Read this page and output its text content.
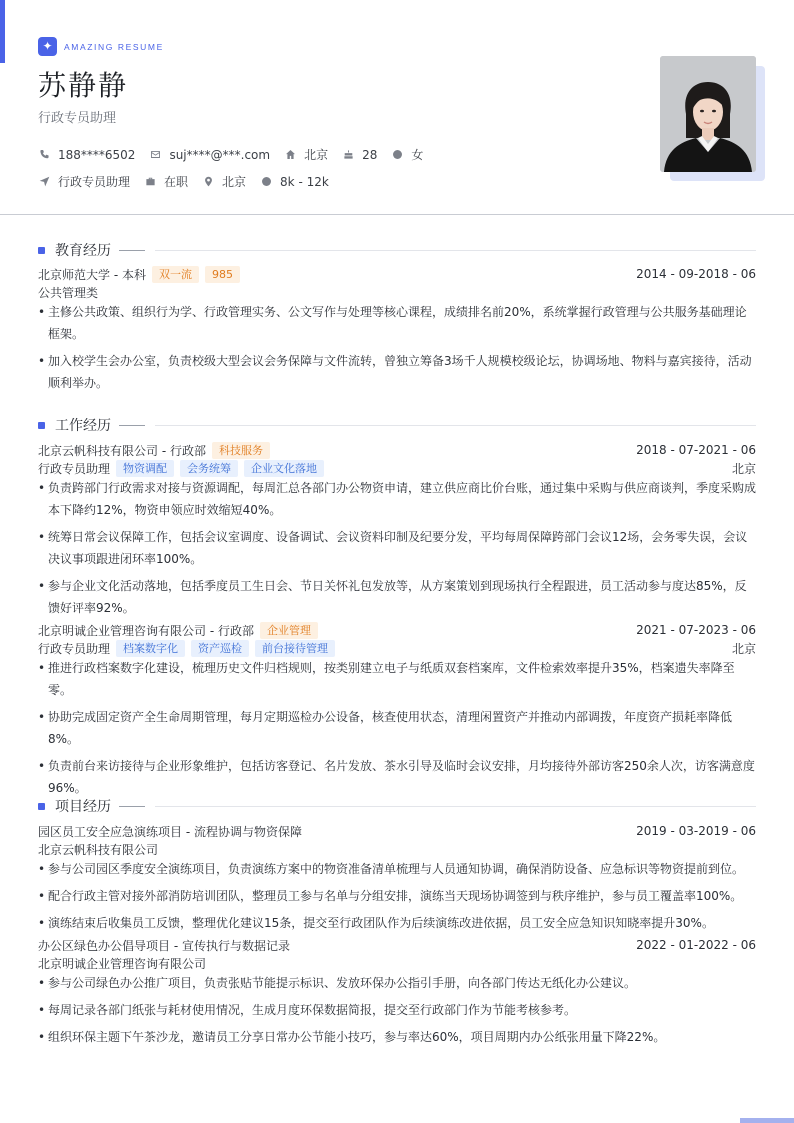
✦	AMAZING RESUME
苏静静
行政专员助理
188****6502	suj****@***.com	北京	28	女
行政专员助理	在职	北京	8k - 12k
教育经历
北京师范大学 - 本科	双一流	985	2014 - 09-2018 - 06
公共管理类
• 主修公共政策、组织行为学、行政管理实务、公文写作与处理等核心课程，成绩排名前20%，系统掌握行政管理与公共服务基础理论框架。
• 加入校学生会办公室，负责校级大型会议会务保障与文件流转，曾独立筹备3场千人规模校级论坛，协调场地、物料与嘉宾接待，活动顺利举办。
工作经历
北京云帆科技有限公司 - 行政部	科技服务	2018 - 07-2021 - 06
行政专员助理	物资调配	会务统筹	企业文化落地	北京
• 负责跨部门行政需求对接与资源调配，每周汇总各部门办公物资申请，建立供应商比价台账，通过集中采购与供应商谈判，季度采购成本下降约12%，物资申领应时效缩短40%。
• 统筹日常会议保障工作，包括会议室调度、设备调试、会议资料印制及纪要分发，平均每周保障跨部门会议12场，会务零失误，会议决议事项跟进闭环率100%。
• 参与企业文化活动落地，包括季度员工生日会、节日关怀礼包发放等，从方案策划到现场执行全程跟进，员工活动参与度达85%，反馈好评率92%。
北京明诚企业管理咨询有限公司 - 行政部	企业管理	2021 - 07-2023 - 06
行政专员助理	档案数字化	资产巡检	前台接待管理	北京
• 推进行政档案数字化建设，梳理历史文件归档规则，按类别建立电子与纸质双套档案库，文件检索效率提升35%，档案遗失率降至零。
• 协助完成固定资产全生命周期管理，每月定期巡检办公设备，核查使用状态，清理闲置资产并推动内部调拨，年度资产损耗率降低8%。
• 负责前台来访接待与企业形象维护，包括访客登记、名片发放、茶水引导及临时会议安排，月均接待外部访客250余人次，访客满意度96%。
项目经历
园区员工安全应急演练项目 - 流程协调与物资保障	2019 - 03-2019 - 06
北京云帆科技有限公司
• 参与公司园区季度安全演练项目，负责演练方案中的物资准备清单梳理与人员通知协调，确保消防设备、应急标识等物资提前到位。
• 配合行政主管对接外部消防培训团队，整理员工参与名单与分组安排，演练当天现场协调签到与秩序维护，参与员工覆盖率100%。
• 演练结束后收集员工反馈，整理优化建议15条，提交至行政团队作为后续演练改进依据，员工安全应急知识知晓率提升30%。
办公区绿色办公倡导项目 - 宣传执行与数据记录	2022 - 01-2022 - 06
北京明诚企业管理咨询有限公司
• 参与公司绿色办公推广项目，负责张贴节能提示标识、发放环保办公指引手册，向各部门传达无纸化办公建议。
• 每周记录各部门纸张与耗材使用情况，生成月度环保数据简报，提交至行政部门作为节能考核参考。
• 组织环保主题下午茶沙龙，邀请员工分享日常办公节能小技巧，参与率达60%，项目周期内办公纸张用量下降22%。
